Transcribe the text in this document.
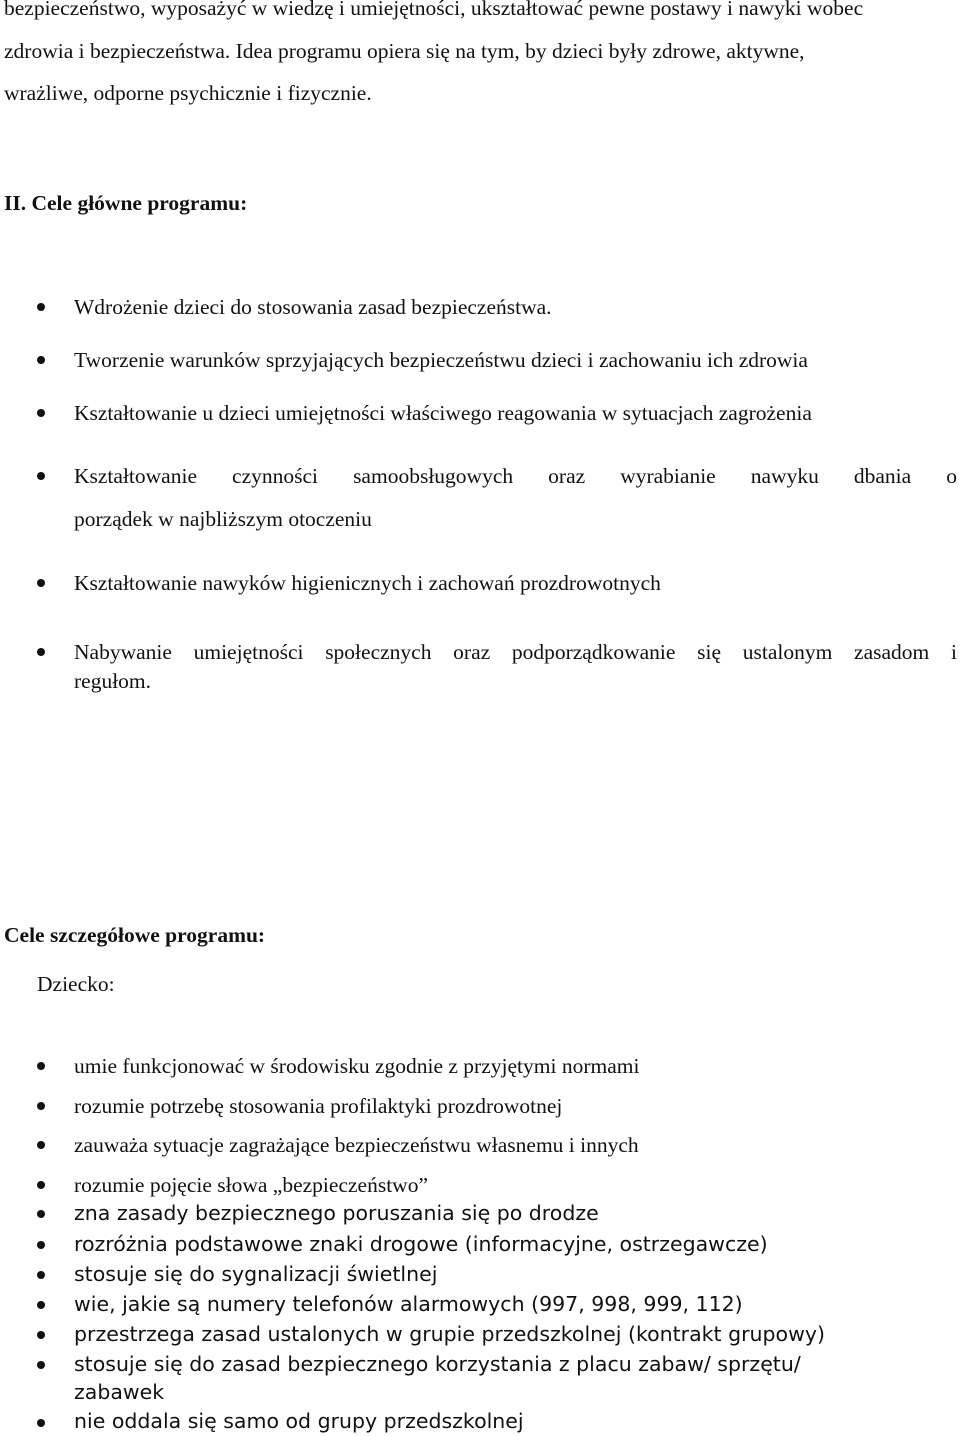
bezpieczeństwo, wyposażyć w wiedzę i umiejętności, ukształtować pewne postawy i nawyki wobec
zdrowia i bezpieczeństwa. Idea programu opiera się na tym, by dzieci były zdrowe, aktywne,
wrażliwe, odporne psychicznie i fizycznie.
II. Cele główne programu:
Wdrożenie dzieci do stosowania zasad bezpieczeństwa.
Tworzenie warunków sprzyjających bezpieczeństwu dzieci i zachowaniu ich zdrowia
Kształtowanie u dzieci umiejętności właściwego reagowania w sytuacjach zagrożenia
Kształtowanie czynności samoobsługowych oraz wyrabianie nawyku dbania o
porządek w najbliższym otoczeniu
Kształtowanie nawyków higienicznych i zachowań prozdrowotnych
Nabywanie umiejętności społecznych oraz podporządkowanie się ustalonym zasadom i
regułom.
Cele szczegółowe programu:
Dziecko:
umie funkcjonować w środowisku zgodnie z przyjętymi normami
rozumie potrzebę stosowania profilaktyki prozdrowotnej
zauważa sytuacje zagrażające bezpieczeństwu własnemu i innych
rozumie pojęcie słowa „bezpieczeństwo”
zna zasady bezpiecznego poruszania się po drodze
rozróżnia podstawowe znaki drogowe (informacyjne, ostrzegawcze)
stosuje się do sygnalizacji świetlnej
wie, jakie są numery telefonów alarmowych (997, 998, 999, 112)
przestrzega zasad ustalonych w grupie przedszkolnej (kontrakt grupowy)
stosuje się do zasad bezpiecznego korzystania z placu zabaw/ sprzętu/
zabawek
nie oddala się samo od grupy przedszkolnej
